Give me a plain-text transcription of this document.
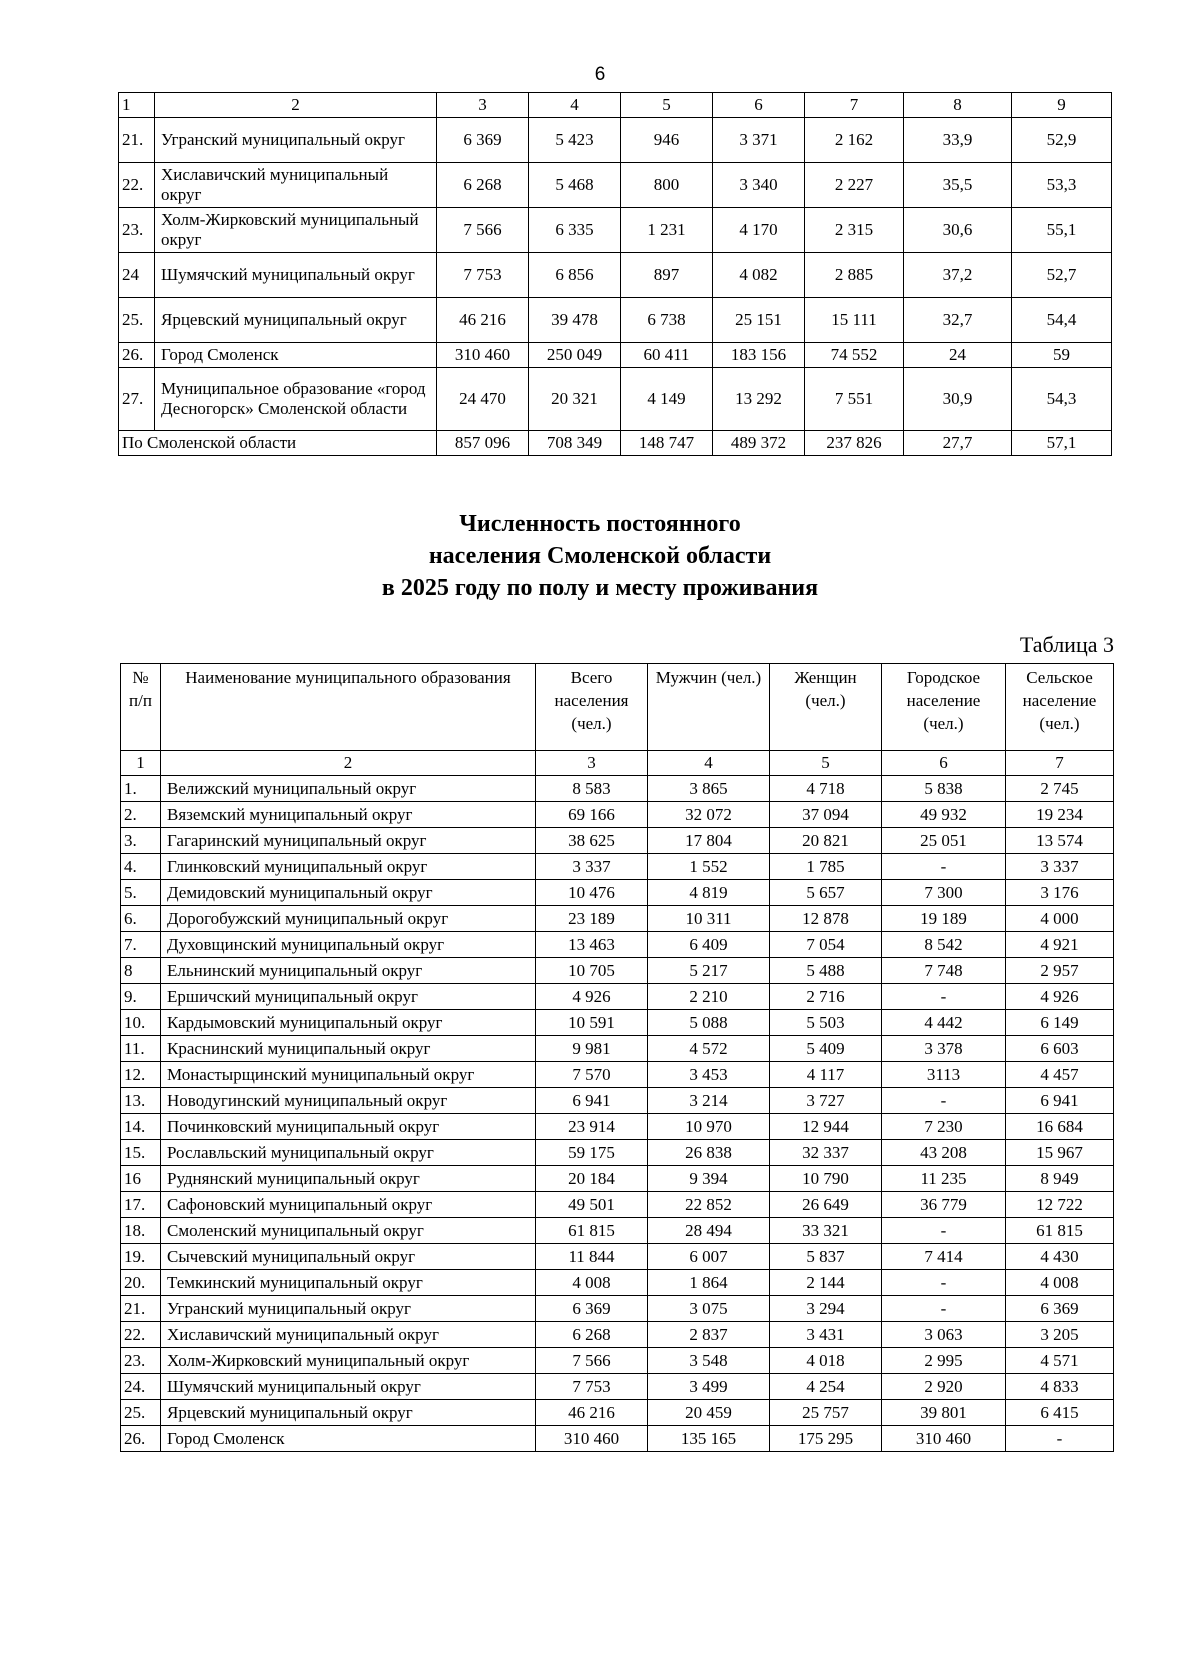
6
1	2	3	4	5	6	7	8	9
21.	Угранский муниципальный округ	6 369	5 423	946	3 371	2 162	33,9	52,9
22.	Хиславичский муниципальный округ	6 268	5 468	800	3 340	2 227	35,5	53,3
23.	Холм-Жирковский муниципальный округ	7 566	6 335	1 231	4 170	2 315	30,6	55,1
24	Шумячский муниципальный округ	7 753	6 856	897	4 082	2 885	37,2	52,7
25.	Ярцевский муниципальный округ	46 216	39 478	6 738	25 151	15 111	32,7	54,4
26.	Город Смоленск	310 460	250 049	60 411	183 156	74 552	24	59
27.	Муниципальное образование «город Десногорск» Смоленской области	24 470	20 321	4 149	13 292	7 551	30,9	54,3
По Смоленской области		857 096	708 349	148 747	489 372	237 826	27,7	57,1
Численность постоянного
населения Смоленской области
в 2025 году по полу и месту проживания
Таблица 3
№ п/п	Наименование муниципального образования	Всего населения (чел.)	Мужчин (чел.)	Женщин (чел.)	Городское население (чел.)	Сельское население (чел.)
1	2	3	4	5	6	7
1.	Велижский муниципальный округ	8 583	3 865	4 718	5 838	2 745
2.	Вяземский муниципальный округ	69 166	32 072	37 094	49 932	19 234
3.	Гагаринский муниципальный округ	38 625	17 804	20 821	25 051	13 574
4.	Глинковский муниципальный округ	3 337	1 552	1 785	-	3 337
5.	Демидовский муниципальный округ	10 476	4 819	5 657	7 300	3 176
6.	Дорогобужский муниципальный округ	23 189	10 311	12 878	19 189	4 000
7.	Духовщинский муниципальный округ	13 463	6 409	7 054	8 542	4 921
8	Ельнинский муниципальный округ	10 705	5 217	5 488	7 748	2 957
9.	Ершичский муниципальный округ	4 926	2 210	2 716	-	4 926
10.	Кардымовский муниципальный округ	10 591	5 088	5 503	4 442	6 149
11.	Краснинский муниципальный округ	9 981	4 572	5 409	3 378	6 603
12.	Монастырщинский муниципальный округ	7 570	3 453	4 117	3113	4 457
13.	Новодугинский муниципальный округ	6 941	3 214	3 727	-	6 941
14.	Починковский муниципальный округ	23 914	10 970	12 944	7 230	16 684
15.	Рославльский муниципальный округ	59 175	26 838	32 337	43 208	15 967
16	Руднянский муниципальный округ	20 184	9 394	10 790	11 235	8 949
17.	Сафоновский муниципальный округ	49 501	22 852	26 649	36 779	12 722
18.	Смоленский муниципальный округ	61 815	28 494	33 321	-	61 815
19.	Сычевский муниципальный округ	11 844	6 007	5 837	7 414	4 430
20.	Темкинский муниципальный округ	4 008	1 864	2 144	-	4 008
21.	Угранский муниципальный округ	6 369	3 075	3 294	-	6 369
22.	Хиславичский муниципальный округ	6 268	2 837	3 431	3 063	3 205
23.	Холм-Жирковский муниципальный округ	7 566	3 548	4 018	2 995	4 571
24.	Шумячский муниципальный округ	7 753	3 499	4 254	2 920	4 833
25.	Ярцевский муниципальный округ	46 216	20 459	25 757	39 801	6 415
26.	Город Смоленск	310 460	135 165	175 295	310 460	-
